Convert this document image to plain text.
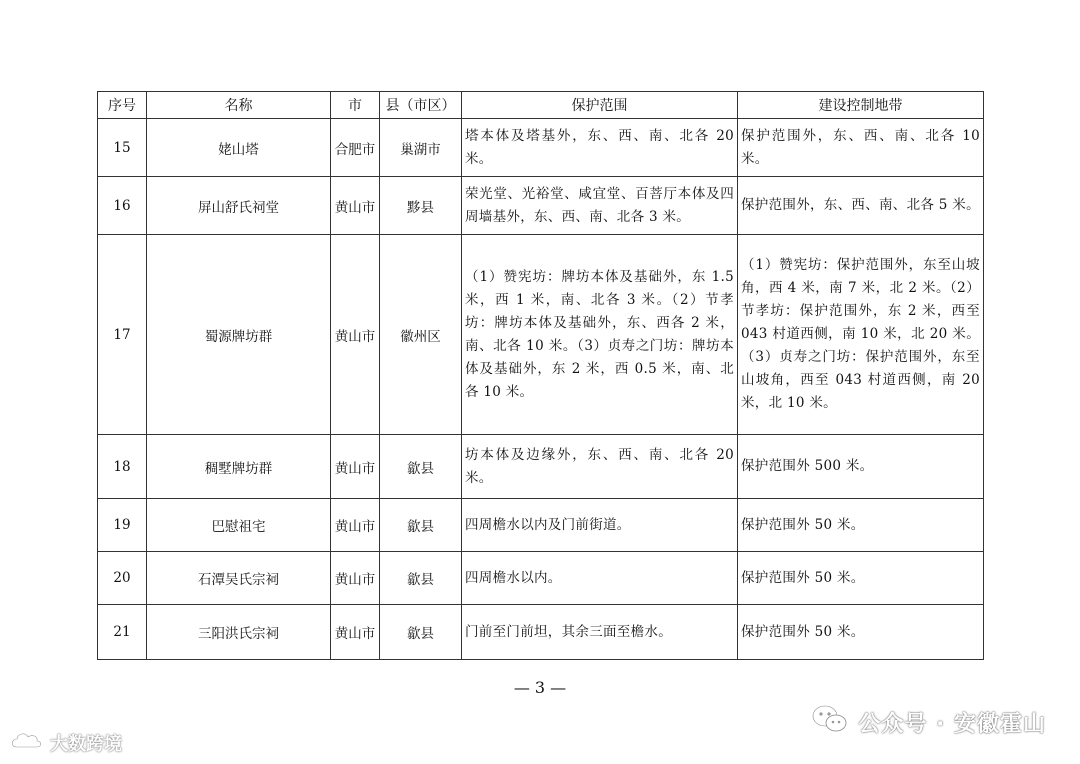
序号	名称	市	县（市区）	保护范围	建设控制地带
15	姥山塔	合肥市	巢湖市	塔本体及塔基外，东、西、南、北各 20 米。	保护范围外，东、西、南、北各 10 米。
16	屏山舒氏祠堂	黄山市	黟县	荣光堂、光裕堂、咸宜堂、百菩厅本体及四周墙基外，东、西、南、北各 3 米。	保护范围外，东、西、南、北各 5 米。
17	蜀源牌坊群	黄山市	徽州区	（1）赞宪坊：牌坊本体及基础外，东 1.5 米，西 1 米，南、北各 3 米。（2）节孝坊：牌坊本体及基础外，东、西各 2 米，南、北各 10 米。（3）贞寿之门坊：牌坊本体及基础外，东 2 米，西 0.5 米，南、北各 10 米。	（1）赞宪坊：保护范围外，东至山坡角，西 4 米，南 7 米，北 2 米。（2）节孝坊：保护范围外，东 2 米，西至 043 村道西侧，南 10 米，北 20 米。（3）贞寿之门坊：保护范围外，东至山坡角，西至 043 村道西侧，南 20 米，北 10 米。
18	稠墅牌坊群	黄山市	歙县	坊本体及边缘外，东、西、南、北各 20 米。	保护范围外 500 米。
19	巴慰祖宅	黄山市	歙县	四周檐水以内及门前街道。	保护范围外 50 米。
20	石潭吴氏宗祠	黄山市	歙县	四周檐水以内。	保护范围外 50 米。
21	三阳洪氏宗祠	黄山市	歙县	门前至门前坦，其余三面至檐水。	保护范围外 50 米。
— 3 —
大数跨境
公众号 · 安徽霍山
